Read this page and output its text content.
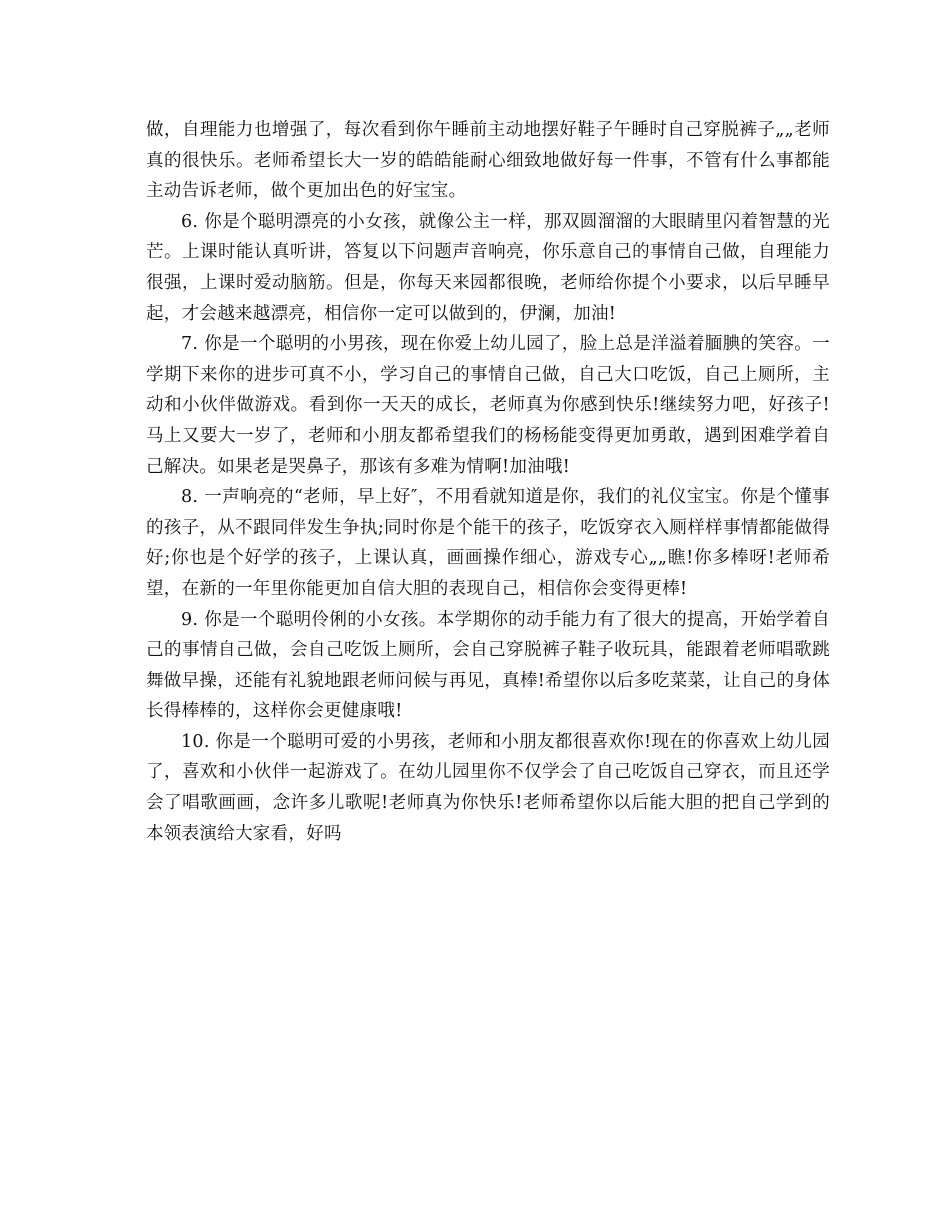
做，自理能力也增强了，每次看到你午睡前主动地摆好鞋子午睡时自己穿脱裤子„„老师真的很快乐。老师希望长大一岁的皓皓能耐心细致地做好每一件事，不管有什么事都能主动告诉老师，做个更加出色的好宝宝。

6. 你是个聪明漂亮的小女孩，就像公主一样，那双圆溜溜的大眼睛里闪着智慧的光芒。上课时能认真听讲，答复以下问题声音响亮，你乐意自己的事情自己做，自理能力很强，上课时爱动脑筋。但是，你每天来园都很晚，老师给你提个小要求，以后早睡早起，才会越来越漂亮，相信你一定可以做到的，伊澜，加油!

7. 你是一个聪明的小男孩，现在你爱上幼儿园了，脸上总是洋溢着腼腆的笑容。一学期下来你的进步可真不小，学习自己的事情自己做，自己大口吃饭，自己上厕所，主动和小伙伴做游戏。看到你一天天的成长，老师真为你感到快乐!继续努力吧，好孩子!马上又要大一岁了，老师和小朋友都希望我们的杨杨能变得更加勇敢，遇到困难学着自己解决。如果老是哭鼻子，那该有多难为情啊!加油哦!

8. 一声响亮的“老师，早上好″，不用看就知道是你，我们的礼仪宝宝。你是个懂事的孩子，从不跟同伴发生争执;同时你是个能干的孩子，吃饭穿衣入厕样样事情都能做得好;你也是个好学的孩子，上课认真，画画操作细心，游戏专心„„瞧!你多棒呀!老师希望，在新的一年里你能更加自信大胆的表现自己，相信你会变得更棒!

9. 你是一个聪明伶俐的小女孩。本学期你的动手能力有了很大的提高，开始学着自己的事情自己做，会自己吃饭上厕所，会自己穿脱裤子鞋子收玩具，能跟着老师唱歌跳舞做早操，还能有礼貌地跟老师问候与再见，真棒!希望你以后多吃菜菜，让自己的身体长得棒棒的，这样你会更健康哦!

10. 你是一个聪明可爱的小男孩，老师和小朋友都很喜欢你!现在的你喜欢上幼儿园了，喜欢和小伙伴一起游戏了。在幼儿园里你不仅学会了自己吃饭自己穿衣，而且还学会了唱歌画画，念许多儿歌呢!老师真为你快乐!老师希望你以后能大胆的把自己学到的本领表演给大家看，好吗
